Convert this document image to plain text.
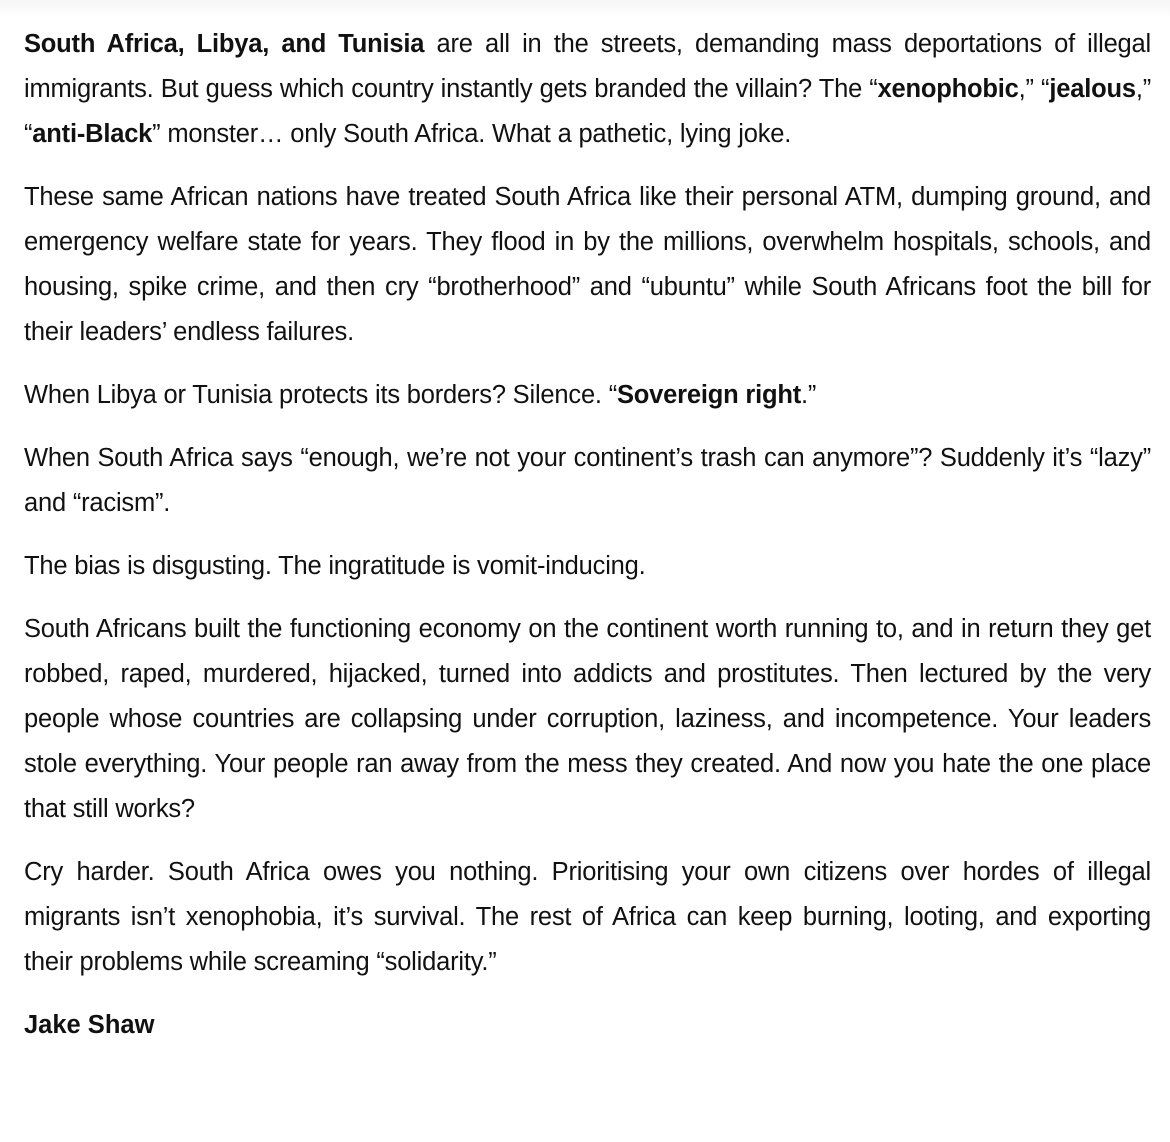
South Africa, Libya, and Tunisia are all in the streets, demanding mass deportations of illegal immigrants. But guess which country instantly gets branded the villain? The “xenophobic,” “jealous,” “anti-Black” monster… only South Africa. What a pathetic, lying joke.

These same African nations have treated South Africa like their personal ATM, dumping ground, and emergency welfare state for years. They flood in by the millions, overwhelm hospitals, schools, and housing, spike crime, and then cry “brotherhood” and “ubuntu” while South Africans foot the bill for their leaders’ endless failures.

When Libya or Tunisia protects its borders? Silence. “Sovereign right.”

When South Africa says “enough, we’re not your continent’s trash can anymore”? Suddenly it’s “lazy” and “racism”.

The bias is disgusting. The ingratitude is vomit-inducing.

South Africans built the functioning economy on the continent worth running to, and in return they get robbed, raped, murdered, hijacked, turned into addicts and prostitutes. Then lectured by the very people whose countries are collapsing under corruption, laziness, and incompetence. Your leaders stole everything. Your people ran away from the mess they created. And now you hate the one place that still works?

Cry harder. South Africa owes you nothing. Prioritising your own citizens over hordes of illegal migrants isn’t xenophobia, it’s survival. The rest of Africa can keep burning, looting, and exporting their problems while screaming “solidarity.”

Jake Shaw
